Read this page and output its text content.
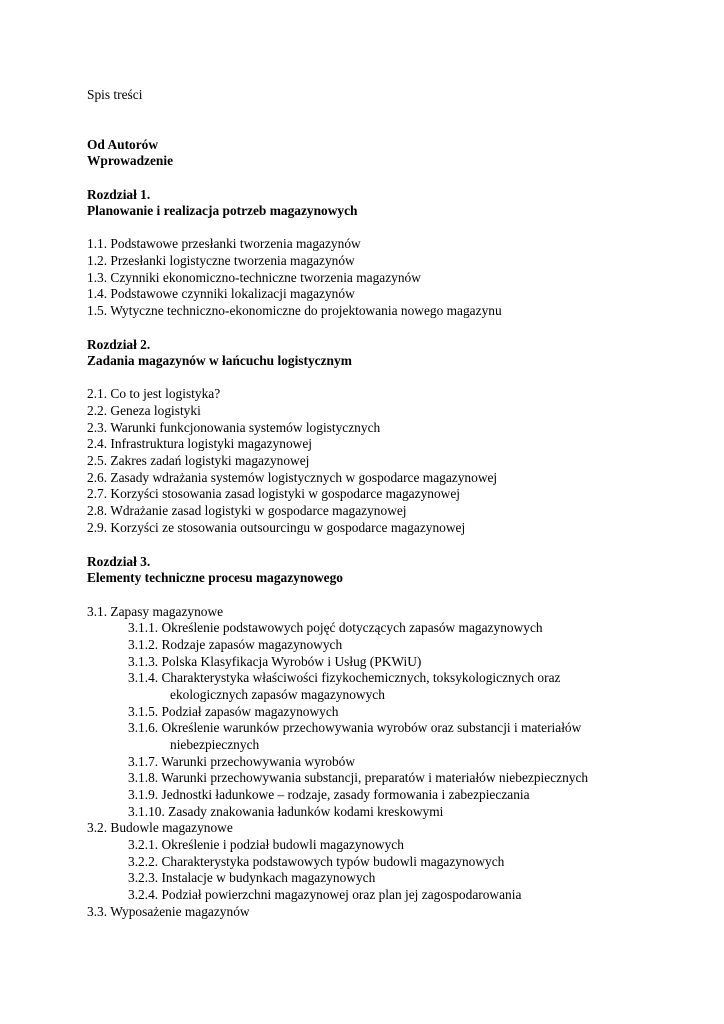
Spis treści
Od Autorów
Wprowadzenie
Rozdział 1.
Planowanie i realizacja potrzeb magazynowych
1.1. Podstawowe przesłanki tworzenia magazynów
1.2. Przesłanki logistyczne tworzenia magazynów
1.3. Czynniki ekonomiczno-techniczne tworzenia magazynów
1.4. Podstawowe czynniki lokalizacji magazynów
1.5. Wytyczne techniczno-ekonomiczne do projektowania nowego magazynu
Rozdział 2.
Zadania magazynów w łańcuchu logistycznym
2.1. Co to jest logistyka?
2.2. Geneza logistyki
2.3. Warunki funkcjonowania systemów logistycznych
2.4. Infrastruktura logistyki magazynowej
2.5. Zakres zadań logistyki magazynowej
2.6. Zasady wdrażania systemów logistycznych w gospodarce magazynowej
2.7. Korzyści stosowania zasad logistyki w gospodarce magazynowej
2.8. Wdrażanie zasad logistyki w gospodarce magazynowej
2.9. Korzyści ze stosowania outsourcingu w gospodarce magazynowej
Rozdział 3.
Elementy techniczne procesu magazynowego
3.1. Zapasy magazynowe
3.1.1. Określenie podstawowych pojęć dotyczących zapasów magazynowych
3.1.2. Rodzaje zapasów magazynowych
3.1.3. Polska Klasyfikacja Wyrobów i Usług (PKWiU)
3.1.4. Charakterystyka właściwości fizykochemicznych, toksykologicznych oraz
ekologicznych zapasów magazynowych
3.1.5. Podział zapasów magazynowych
3.1.6. Określenie warunków przechowywania wyrobów oraz substancji i materiałów
niebezpiecznych
3.1.7. Warunki przechowywania wyrobów
3.1.8. Warunki przechowywania substancji, preparatów i materiałów niebezpiecznych
3.1.9. Jednostki ładunkowe – rodzaje, zasady formowania i zabezpieczania
3.1.10. Zasady znakowania ładunków kodami kreskowymi
3.2. Budowle magazynowe
3.2.1. Określenie i podział budowli magazynowych
3.2.2. Charakterystyka podstawowych typów budowli magazynowych
3.2.3. Instalacje w budynkach magazynowych
3.2.4. Podział powierzchni magazynowej oraz plan jej zagospodarowania
3.3. Wyposażenie magazynów
